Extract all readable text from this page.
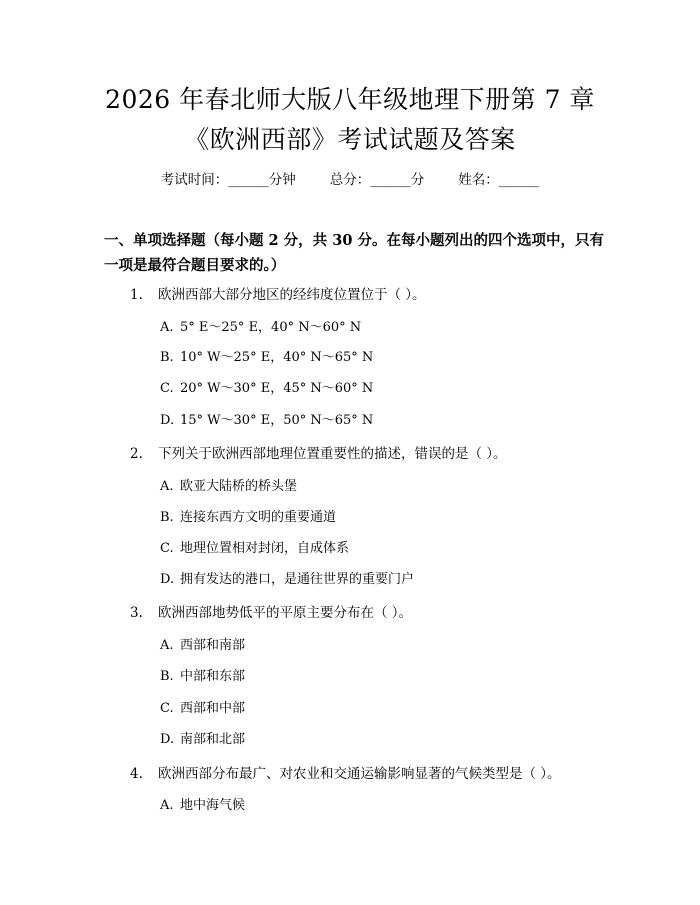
2026 年春北师大版八年级地理下册第 7 章
《欧洲西部》考试试题及答案
考试时间：______分钟	总分：______分	姓名：______
一、单项选择题（每小题 2 分，共 30 分。在每小题列出的四个选项中，只有一项是最符合题目要求的。）
1. 欧洲西部大部分地区的经纬度位置位于（ ）。
A. 5° E～25° E，40° N～60° N
B. 10° W～25° E，40° N～65° N
C. 20° W～30° E，45° N～60° N
D. 15° W～30° E，50° N～65° N
2. 下列关于欧洲西部地理位置重要性的描述，错误的是（ ）。
A. 欧亚大陆桥的桥头堡
B. 连接东西方文明的重要通道
C. 地理位置相对封闭，自成体系
D. 拥有发达的港口，是通往世界的重要门户
3. 欧洲西部地势低平的平原主要分布在（ ）。
A. 西部和南部
B. 中部和东部
C. 西部和中部
D. 南部和北部
4. 欧洲西部分布最广、对农业和交通运输影响显著的气候类型是（ ）。
A. 地中海气候
